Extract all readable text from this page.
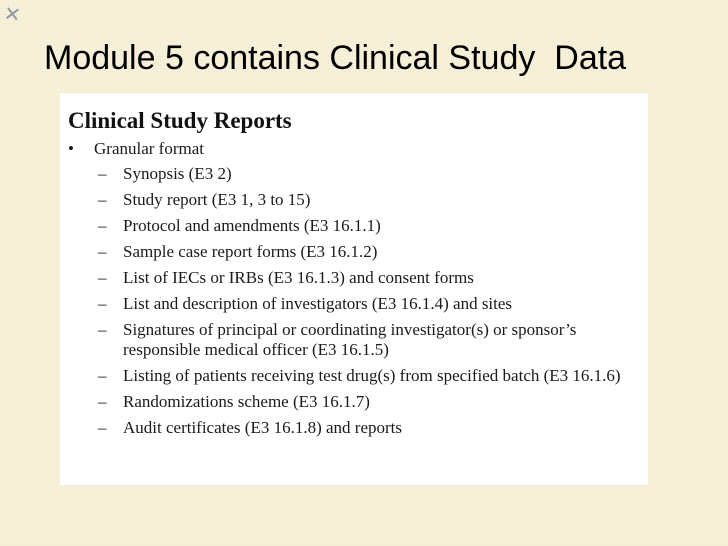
✕
Module 5 contains Clinical Study  Data
Clinical Study Reports
• Granular format
– Synopsis (E3 2)
– Study report (E3 1, 3 to 15)
– Protocol and amendments (E3 16.1.1)
– Sample case report forms (E3 16.1.2)
– List of IECs or IRBs (E3 16.1.3) and consent forms
– List and description of investigators (E3 16.1.4) and sites
– Signatures of principal or coordinating investigator(s) or sponsor’s responsible medical officer (E3 16.1.5)
– Listing of patients receiving test drug(s) from specified batch (E3 16.1.6)
– Randomizations scheme (E3 16.1.7)
– Audit certificates (E3 16.1.8) and reports
